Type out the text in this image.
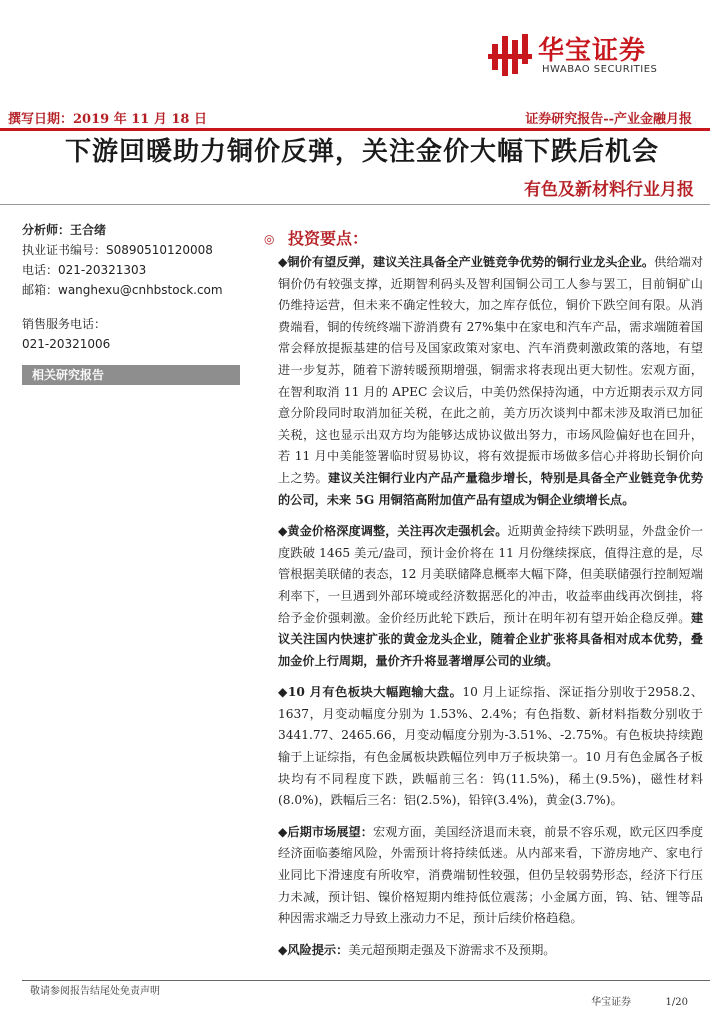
华宝证券
HWABAO SECURITIES
撰写日期：2019 年 11 月 18 日	证券研究报告--产业金融月报
下游回暖助力铜价反弹，关注金价大幅下跌后机会
有色及新材料行业月报
分析师：王合绪
执业证书编号：S0890510120008
电话：021-20321303
邮箱：wanghexu@cnhbstock.com
销售服务电话：
021-20321006
相关研究报告
◎ 投资要点：

◆铜价有望反弹，建议关注具备全产业链竞争优势的铜行业龙头企业。供给端对铜价仍有较强支撑，近期智利码头及智利国铜公司工人参与罢工，目前铜矿山仍维持运营，但未来不确定性较大，加之库存低位，铜价下跌空间有限。从消费端看，铜的传统终端下游消费有 27%集中在家电和汽车产品，需求端随着国常会释放提振基建的信号及国家政策对家电、汽车消费刺激政策的落地，有望进一步复苏，随着下游转暖预期增强，铜需求将表现出更大韧性。宏观方面，在智利取消 11 月的 APEC 会议后，中美仍然保持沟通，中方近期表示双方同意分阶段同时取消加征关税，在此之前，美方历次谈判中都未涉及取消已加征关税，这也显示出双方均为能够达成协议做出努力，市场风险偏好也在回升，若 11 月中美能签署临时贸易协议，将有效提振市场做多信心并将助长铜价向上之势。建议关注铜行业内产品产量稳步增长，特别是具备全产业链竞争优势的公司，未来 5G 用铜箔高附加值产品有望成为铜企业绩增长点。

◆黄金价格深度调整，关注再次走强机会。近期黄金持续下跌明显，外盘金价一度跌破 1465 美元/盎司，预计金价将在 11 月份继续探底，值得注意的是，尽管根据美联储的表态，12 月美联储降息概率大幅下降，但美联储强行控制短端利率下，一旦遇到外部环境或经济数据恶化的冲击，收益率曲线再次倒挂，将给予金价强刺激。金价经历此轮下跌后，预计在明年初有望开始企稳反弹。建议关注国内快速扩张的黄金龙头企业，随着企业扩张将具备相对成本优势，叠加金价上行周期，量价齐升将显著增厚公司的业绩。

◆10 月有色板块大幅跑输大盘。10 月上证综指、深证指分别收于2958.2、1637，月变动幅度分别为 1.53%、2.4%；有色指数、新材料指数分别收于 3441.77、2465.66，月变动幅度分别为-3.51%、-2.75%。有色板块持续跑输于上证综指，有色金属板块跌幅位列申万子板块第一。10 月有色金属各子板块均有不同程度下跌，跌幅前三名：钨(11.5%)，稀土(9.5%)，磁性材料(8.0%)，跌幅后三名：铝(2.5%)，铅锌(3.4%)，黄金(3.7%)。

◆后期市场展望：宏观方面，美国经济退而未衰，前景不容乐观，欧元区四季度经济面临萎缩风险，外需预计将持续低迷。从内部来看，下游房地产、家电行业同比下滑速度有所收窄，消费端韧性较强，但仍呈较弱势形态，经济下行压力未减，预计铝、镍价格短期内维持低位震荡；小金属方面，钨、钴、锂等品种因需求端乏力导致上涨动力不足，预计后续价格趋稳。

◆风险提示：美元超预期走强及下游需求不及预期。

敬请参阅报告结尾处免责声明
华宝证券	1/20
